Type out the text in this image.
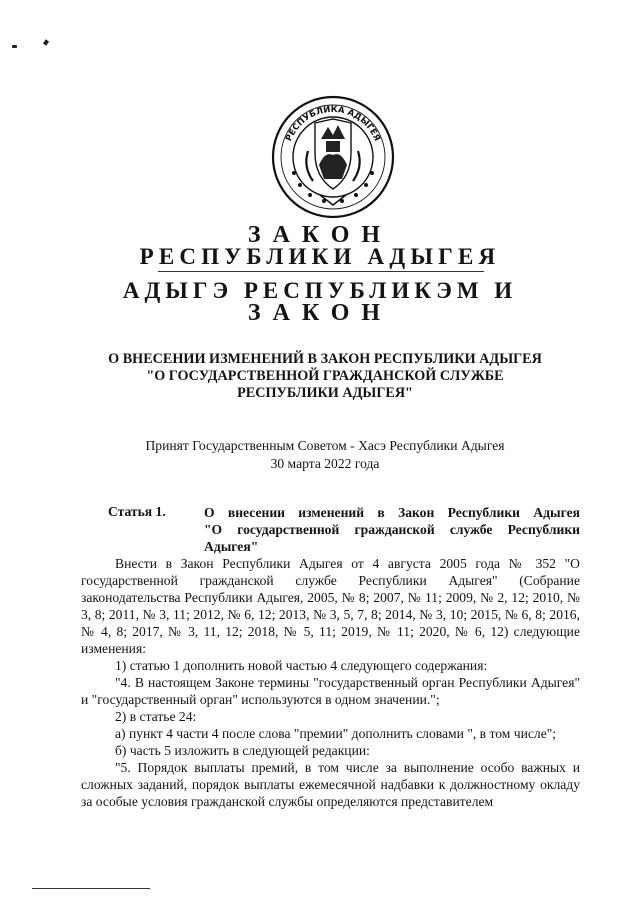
РЕСПУБЛИКА АДЫГЕЯ
ЗАКОН
РЕСПУБЛИКИ АДЫГЕЯ
АДЫГЭ РЕСПУБЛИКЭМ И
ЗАКОН
О ВНЕСЕНИИ ИЗМЕНЕНИЙ В ЗАКОН РЕСПУБЛИКИ АДЫГЕЯ
"О ГОСУДАРСТВЕННОЙ ГРАЖДАНСКОЙ СЛУЖБЕ
РЕСПУБЛИКИ АДЫГЕЯ"
Принят Государственным Советом - Хасэ Республики Адыгея
30 марта 2022 года
Статья 1.	О внесении изменений в Закон Республики Адыгея
"О государственной гражданской службе Республики
Адыгея"

Внести в Закон Республики Адыгея от 4 августа 2005 года № 352 "О государственной гражданской службе Республики Адыгея" (Собрание законодательства Республики Адыгея, 2005, № 8; 2007, № 11; 2009, № 2, 12; 2010, № 3, 8; 2011, № 3, 11; 2012, № 6, 12; 2013, № 3, 5, 7, 8; 2014, № 3, 10; 2015, № 6, 8; 2016, № 4, 8; 2017, № 3, 11, 12; 2018, № 5, 11; 2019, № 11; 2020, № 6, 12) следующие изменения:

1) статью 1 дополнить новой частью 4 следующего содержания:

"4. В настоящем Законе термины "государственный орган Республики Адыгея" и "государственный орган" используются в одном значении.";

2) в статье 24:

а) пункт 4 части 4 после слова "премии" дополнить словами ", в том числе";

б) часть 5 изложить в следующей редакции:

"5. Порядок выплаты премий, в том числе за выполнение особо важных и сложных заданий, порядок выплаты ежемесячной надбавки к должностному окладу за особые условия гражданской службы определяются представителем
